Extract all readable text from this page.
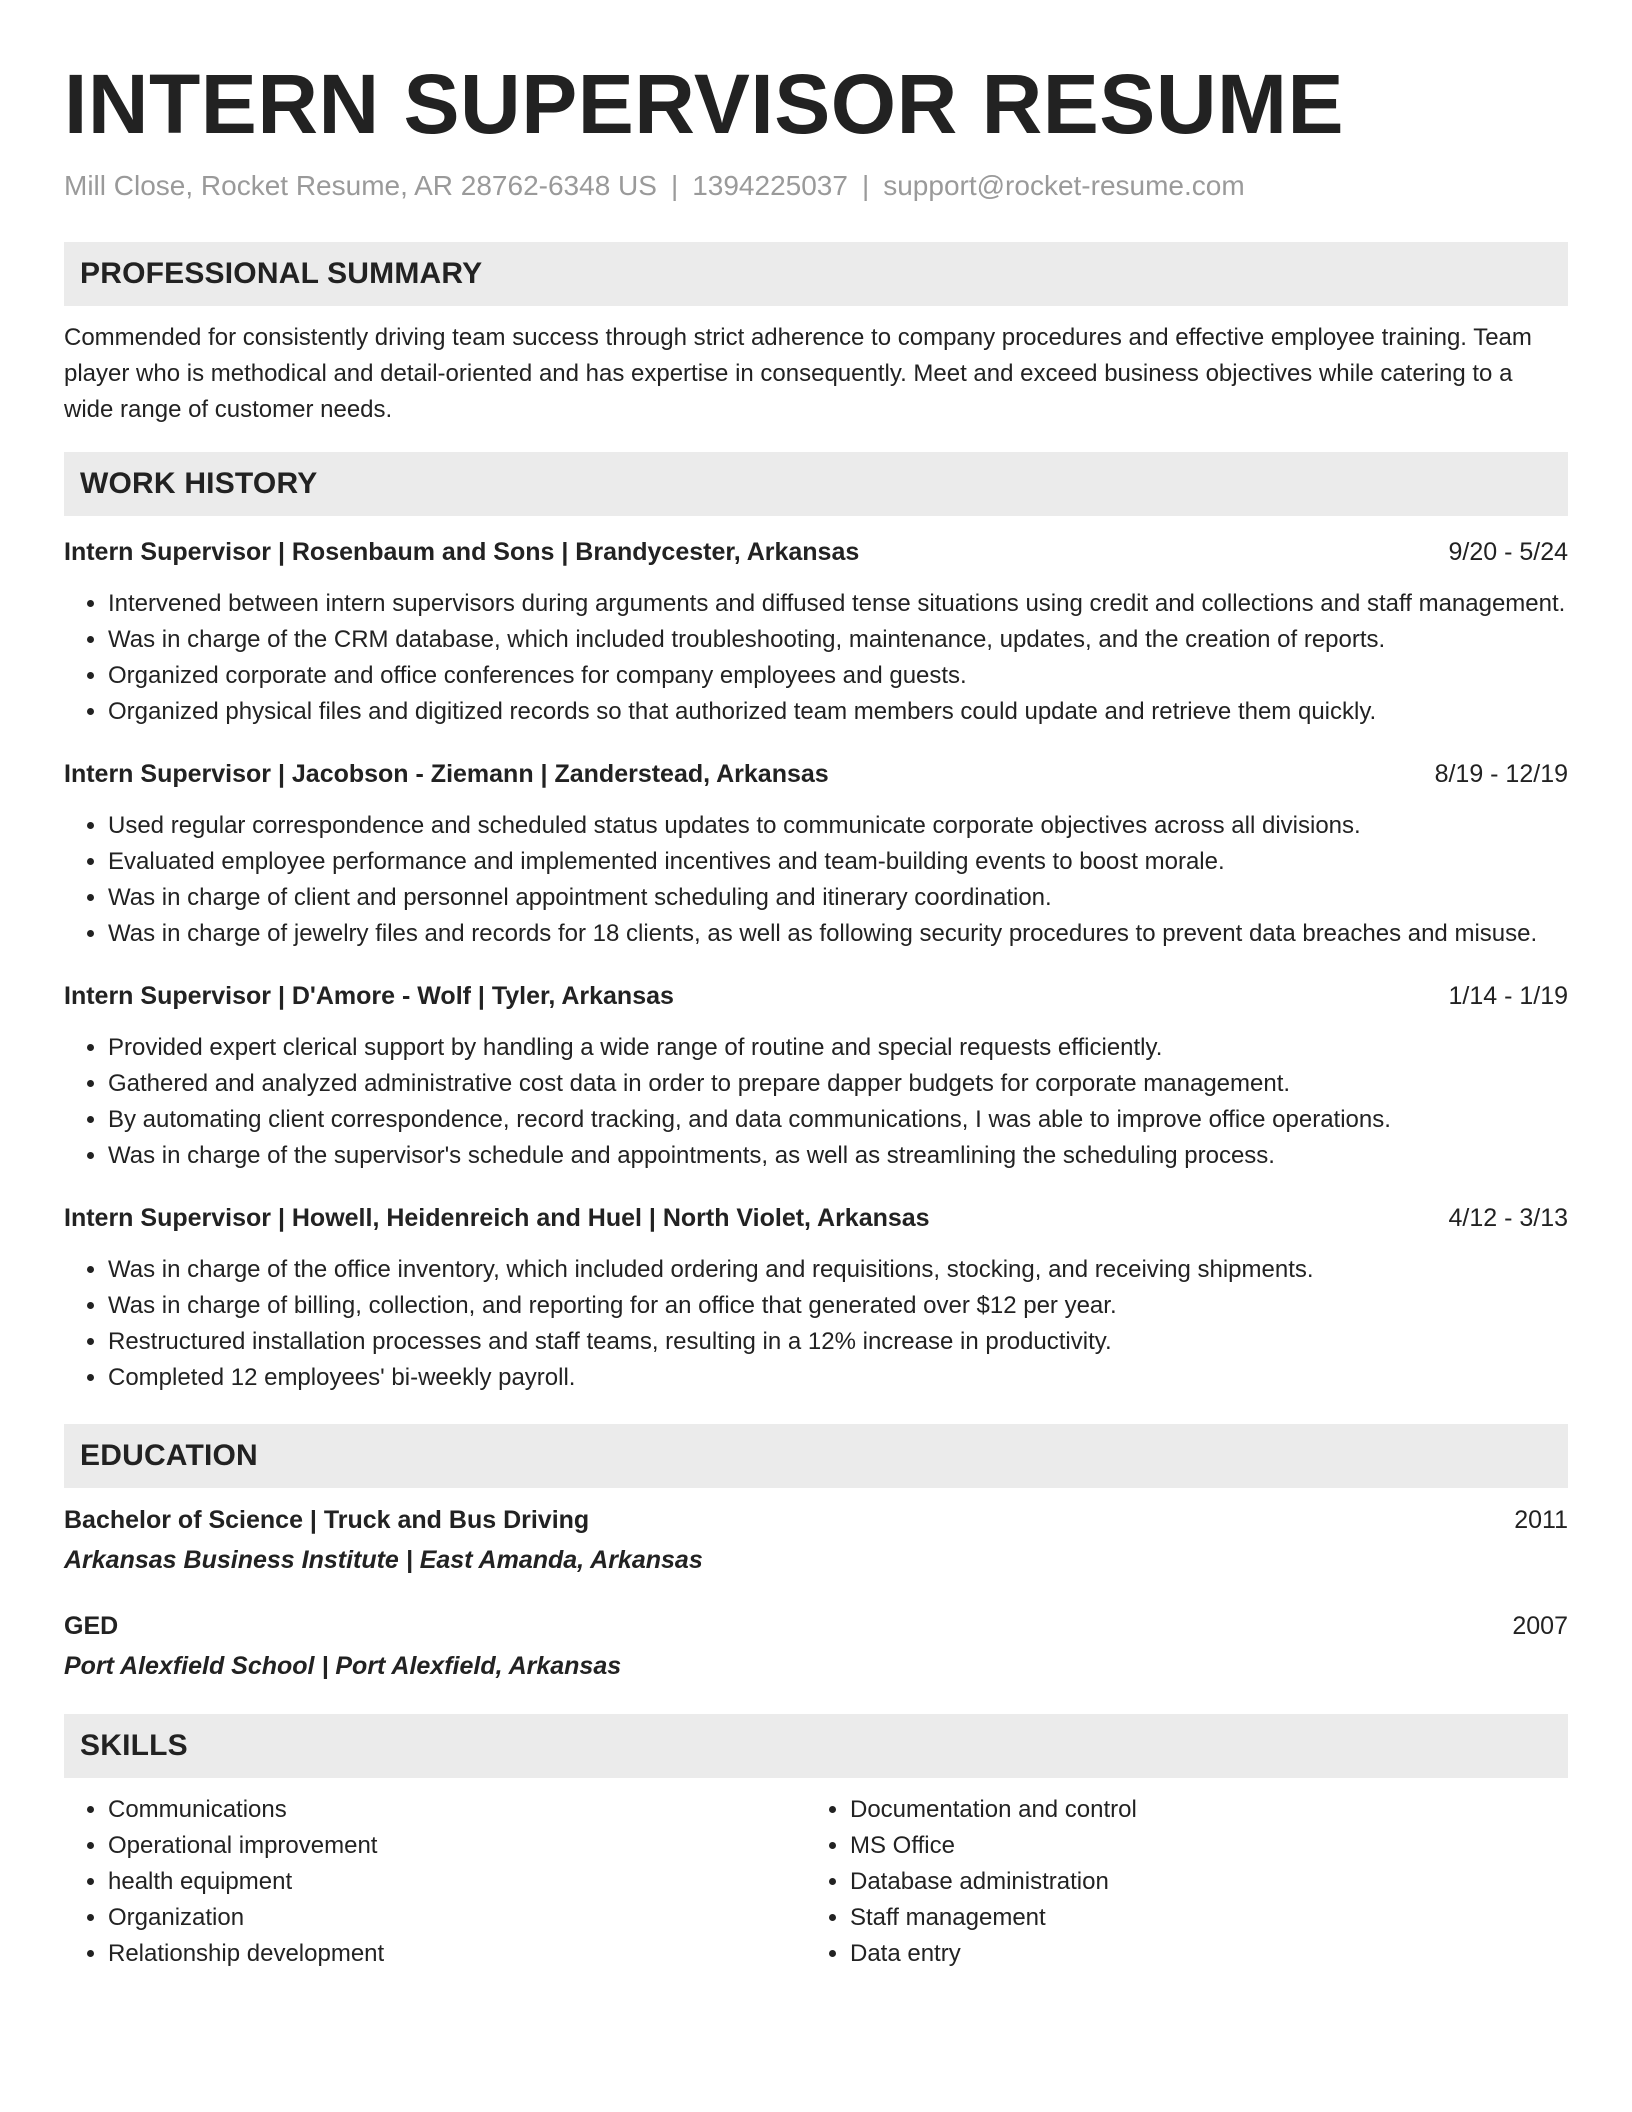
INTERN SUPERVISOR RESUME
Mill Close, Rocket Resume, AR 28762-6348 US | 1394225037 | support@rocket-resume.com
PROFESSIONAL SUMMARY

Commended for consistently driving team success through strict adherence to company procedures and effective employee training. Team player who is methodical and detail-oriented and has expertise in consequently. Meet and exceed business objectives while catering to a wide range of customer needs.

WORK HISTORY
Intern Supervisor | Rosenbaum and Sons | Brandycester, Arkansas	9/20 - 5/24
• Intervened between intern supervisors during arguments and diffused tense situations using credit and collections and staff management.
• Was in charge of the CRM database, which included troubleshooting, maintenance, updates, and the creation of reports.
• Organized corporate and office conferences for company employees and guests.
• Organized physical files and digitized records so that authorized team members could update and retrieve them quickly.
Intern Supervisor | Jacobson - Ziemann | Zanderstead, Arkansas	8/19 - 12/19
• Used regular correspondence and scheduled status updates to communicate corporate objectives across all divisions.
• Evaluated employee performance and implemented incentives and team-building events to boost morale.
• Was in charge of client and personnel appointment scheduling and itinerary coordination.
• Was in charge of jewelry files and records for 18 clients, as well as following security procedures to prevent data breaches and misuse.
Intern Supervisor | D'Amore - Wolf | Tyler, Arkansas	1/14 - 1/19
• Provided expert clerical support by handling a wide range of routine and special requests efficiently.
• Gathered and analyzed administrative cost data in order to prepare dapper budgets for corporate management.
• By automating client correspondence, record tracking, and data communications, I was able to improve office operations.
• Was in charge of the supervisor's schedule and appointments, as well as streamlining the scheduling process.
Intern Supervisor | Howell, Heidenreich and Huel | North Violet, Arkansas	4/12 - 3/13
• Was in charge of the office inventory, which included ordering and requisitions, stocking, and receiving shipments.
• Was in charge of billing, collection, and reporting for an office that generated over $12 per year.
• Restructured installation processes and staff teams, resulting in a 12% increase in productivity.
• Completed 12 employees' bi-weekly payroll.
EDUCATION
Bachelor of Science | Truck and Bus Driving	2011
Arkansas Business Institute | East Amanda, Arkansas
GED	2007
Port Alexfield School | Port Alexfield, Arkansas
SKILLS
• Communications
• Operational improvement
• health equipment
• Organization
• Relationship development
• Documentation and control
• MS Office
• Database administration
• Staff management
• Data entry
